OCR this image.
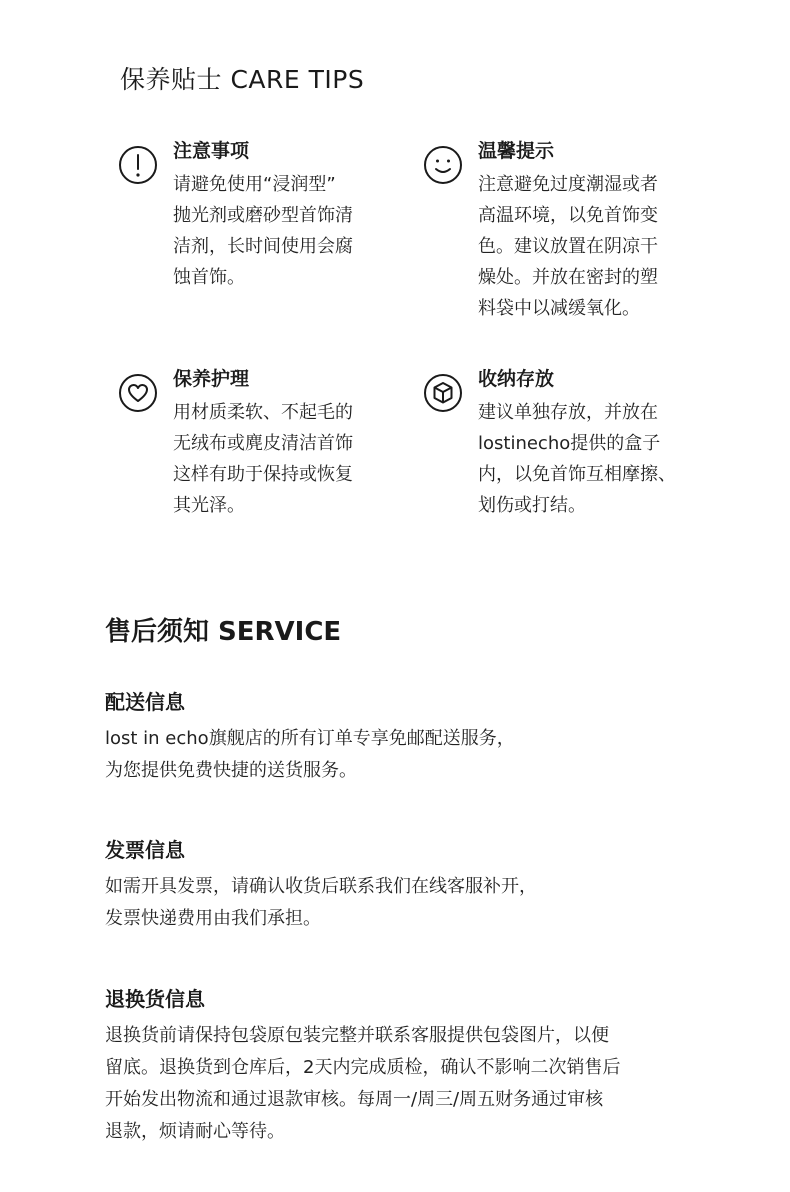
保养贴士 CARE TIPS

注意事项

请避免使用“浸润型”
抛光剂或磨砂型首饰清
洁剂，长时间使用会腐
蚀首饰。

温馨提示

注意避免过度潮湿或者
高温环境，以免首饰变
色。建议放置在阴凉干
燥处。并放在密封的塑
料袋中以减缓氧化。

保养护理

用材质柔软、不起毛的
无绒布或麂皮清洁首饰
这样有助于保持或恢复
其光泽。

收纳存放

建议单独存放，并放在
lostinecho提供的盒子
内，以免首饰互相摩擦、
划伤或打结。

售后须知 SERVICE

配送信息

lost in echo旗舰店的所有订单专享免邮配送服务，
为您提供免费快捷的送货服务。

发票信息

如需开具发票，请确认收货后联系我们在线客服补开，
发票快递费用由我们承担。

退换货信息

退换货前请保持包袋原包装完整并联系客服提供包袋图片，以便
留底。退换货到仓库后，2天内完成质检，确认不影响二次销售后
开始发出物流和通过退款审核。每周一/周三/周五财务通过审核
退款，烦请耐心等待。
